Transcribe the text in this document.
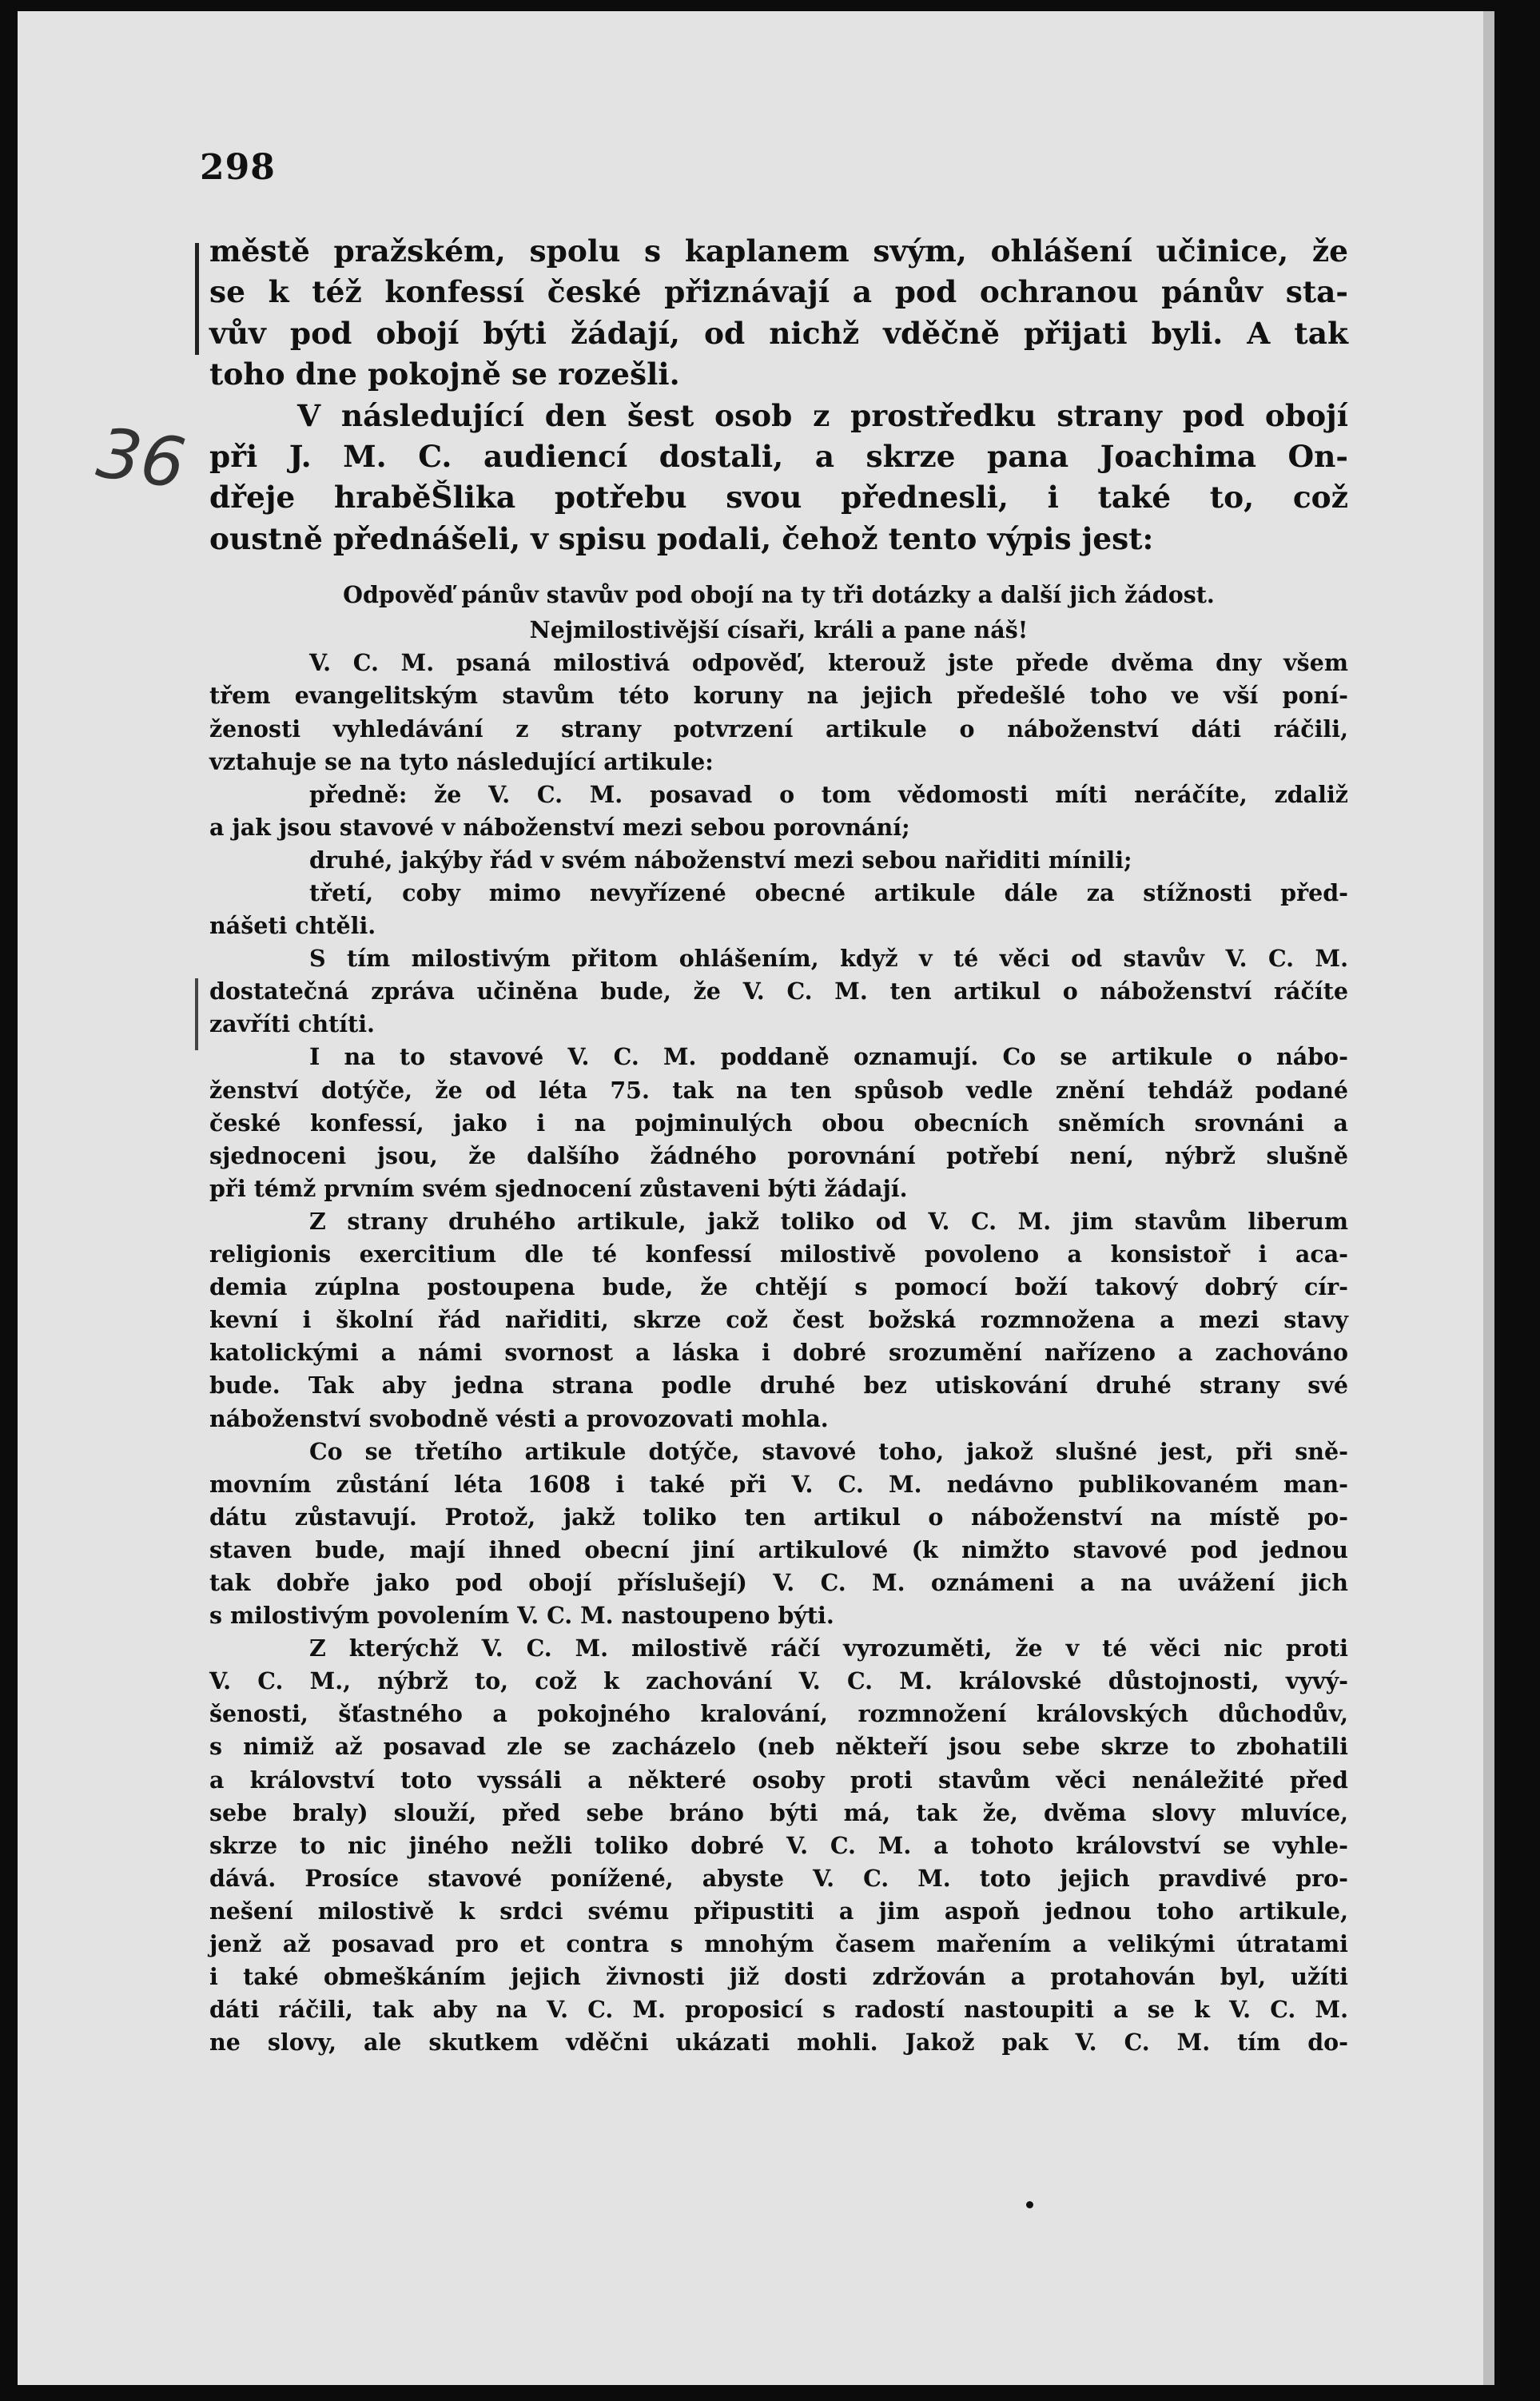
298
36

městě pražském, spolu s kaplanem svým, ohlášení učinice, že

se k též konfessí české přiznávají a pod ochranou pánův sta-

vův pod obojí býti žádají, od nichž vděčně přijati byli. A tak

toho dne pokojně se rozešli.

V následující den šest osob z prostředku strany pod obojí

při J. M. C. audiencí dostali, a skrze pana Joachima On-

dřeje hraběŠlika potřebu svou přednesli, i také to, což

oustně přednášeli, v spisu podali, čehož tento výpis jest:

Odpověď pánův stavův pod obojí na ty tři dotázky a další jich žádost.

Nejmilostivější císaři, králi a pane náš!

V. C. M. psaná milostivá odpověď, kterouž jste přede dvěma dny všem

třem evangelitským stavům této koruny na jejich předešlé toho ve vší poní-

ženosti vyhledávání z strany potvrzení artikule o náboženství dáti ráčili,

vztahuje se na tyto následující artikule:

předně: že V. C. M. posavad o tom vědomosti míti neráčíte, zdaliž

a jak jsou stavové v náboženství mezi sebou porovnání;

druhé, jakýby řád v svém náboženství mezi sebou nařiditi mínili;

třetí, coby mimo nevyřízené obecné artikule dále za stížnosti před-

nášeti chtěli.

S tím milostivým přitom ohlášením, když v té věci od stavův V. C. M.

dostatečná zpráva učiněna bude, že V. C. M. ten artikul o náboženství ráčíte

zavříti chtíti.

I na to stavové V. C. M. poddaně oznamují. Co se artikule o nábo-

ženství dotýče, že od léta 75. tak na ten spůsob vedle znění tehdáž podané

české konfessí, jako i na pojminulých obou obecních sněmích srovnáni a

sjednoceni jsou, že dalšího žádného porovnání potřebí není, nýbrž slušně

při témž prvním svém sjednocení zůstaveni býti žádají.

Z strany druhého artikule, jakž toliko od V. C. M. jim stavům liberum

religionis exercitium dle té konfessí milostivě povoleno a konsistoř i aca-

demia zúplna postoupena bude, že chtějí s pomocí boží takový dobrý cír-

kevní i školní řád nařiditi, skrze což čest božská rozmnožena a mezi stavy

katolickými a námi svornost a láska i dobré srozumění nařízeno a zachováno

bude. Tak aby jedna strana podle druhé bez utiskování druhé strany své

náboženství svobodně vésti a provozovati mohla.

Co se třetího artikule dotýče, stavové toho, jakož slušné jest, při sně-

movním zůstání léta 1608 i také při V. C. M. nedávno publikovaném man-

dátu zůstavují. Protož, jakž toliko ten artikul o náboženství na místě po-

staven bude, mají ihned obecní jiní artikulové (k nimžto stavové pod jednou

tak dobře jako pod obojí příslušejí) V. C. M. oznámeni a na uvážení jich

s milostivým povolením V. C. M. nastoupeno býti.

Z kterýchž V. C. M. milostivě ráčí vyrozuměti, že v té věci nic proti

V. C. M., nýbrž to, což k zachování V. C. M. královské důstojnosti, vyvý-

šenosti, šťastného a pokojného kralování, rozmnožení královských důchodův,

s nimiž až posavad zle se zacházelo (neb někteří jsou sebe skrze to zbohatili

a království toto vyssáli a některé osoby proti stavům věci nenáležité před

sebe braly) slouží, před sebe bráno býti má, tak že, dvěma slovy mluvíce,

skrze to nic jiného nežli toliko dobré V. C. M. a tohoto království se vyhle-

dává. Prosíce stavové ponížené, abyste V. C. M. toto jejich pravdivé pro-

nešení milostivě k srdci svému připustiti a jim aspoň jednou toho artikule,

jenž až posavad pro et contra s mnohým časem mařením a velikými útratami

i také obmeškáním jejich živnosti již dosti zdržován a protahován byl, užíti

dáti ráčili, tak aby na V. C. M. proposicí s radostí nastoupiti a se k V. C. M.

ne slovy, ale skutkem vděčni ukázati mohli. Jakož pak V. C. M. tím do-
